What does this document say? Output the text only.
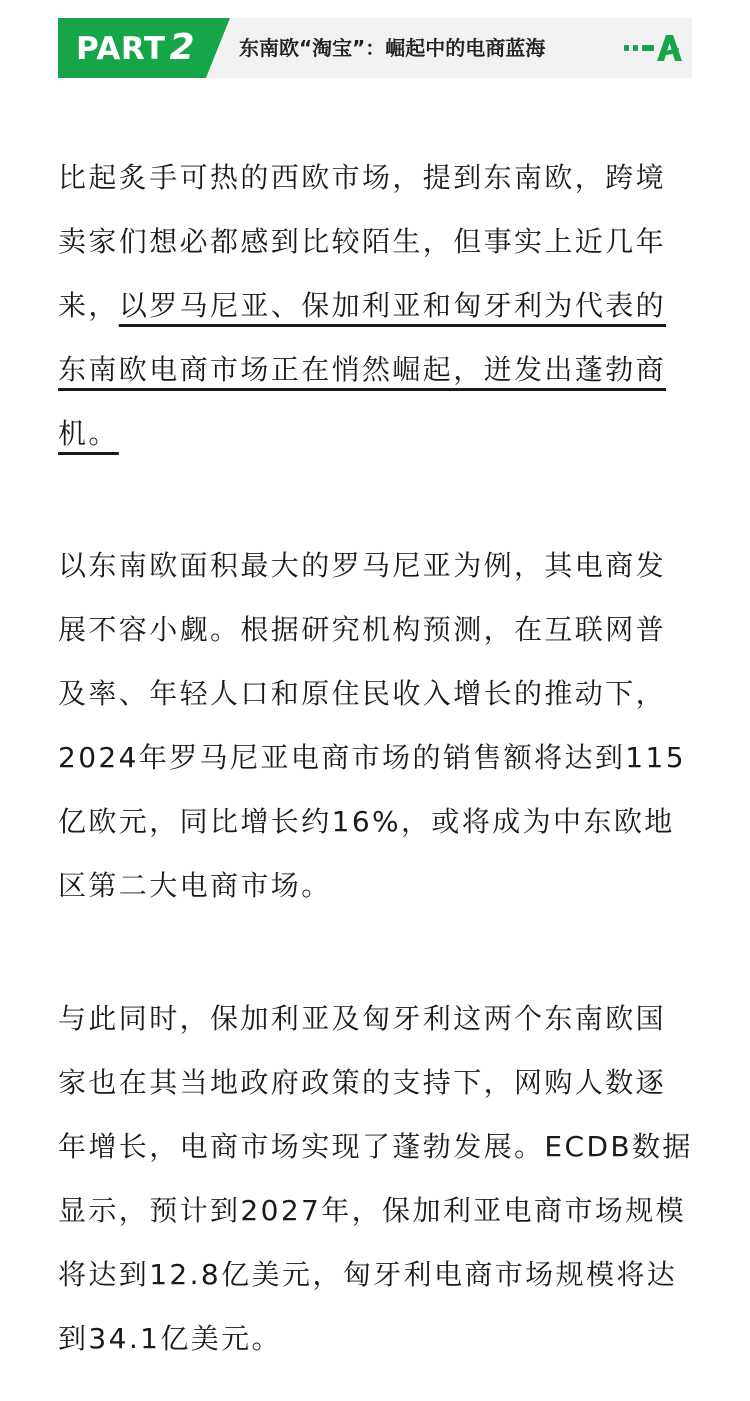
PART 2 东南欧“淘宝”：崛起中的电商蓝海
比起炙手可热的西欧市场，提到东南欧，跨境
卖家们想必都感到比较陌生，但事实上近几年
来，以罗马尼亚、保加利亚和匈牙利为代表的
东南欧电商市场正在悄然崛起，迸发出蓬勃商
机。
以东南欧面积最大的罗马尼亚为例，其电商发
展不容小觑。根据研究机构预测，在互联网普
及率、年轻人口和原住民收入增长的推动下，
2024年罗马尼亚电商市场的销售额将达到115
亿欧元，同比增长约16%，或将成为中东欧地
区第二大电商市场。
与此同时，保加利亚及匈牙利这两个东南欧国
家也在其当地政府政策的支持下，网购人数逐
年增长，电商市场实现了蓬勃发展。ECDB数据
显示，预计到2027年，保加利亚电商市场规模
将达到12.8亿美元，匈牙利电商市场规模将达
到34.1亿美元。
